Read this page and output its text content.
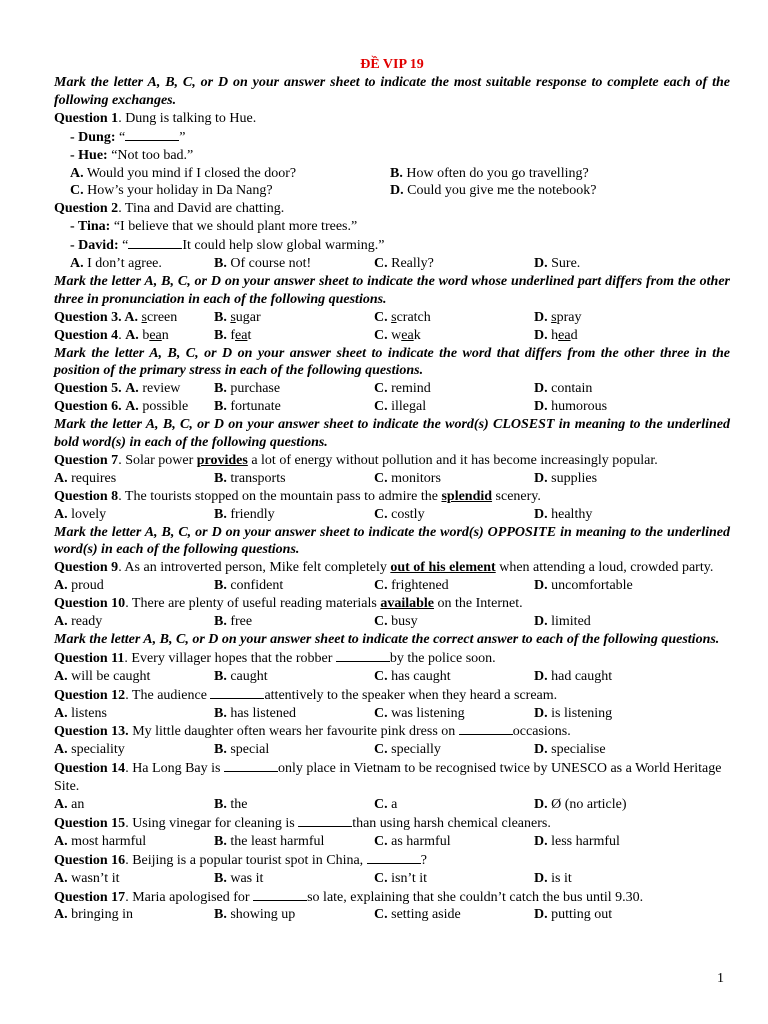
ĐỀ VIP 19

Mark the letter A, B, C, or D on your answer sheet to indicate the most suitable response to complete each of the following exchanges.

Question 1. Dung is talking to Hue.

- Dung: “	”

- Hue: “Not too bad.”

A. Would you mind if I closed the door?	B. How often do you go travelling?
C. How’s your holiday in Da Nang?	D. Could you give me the notebook?

Question 2. Tina and David are chatting.

- Tina: “I believe that we should plant more trees.”

- David: “	It could help slow global warming.”

A. I don’t agree.	B. Of course not!	C. Really?	D. Sure.

Mark the letter A, B, C, or D on your answer sheet to indicate the word whose underlined part differs from the other three in pronunciation in each of the following questions.

Question 3. A. screen	B. sugar	C. scratch	D. spray
Question 4. A. bean	B. feat	C. weak	D. head

Mark the letter A, B, C, or D on your answer sheet to indicate the word that differs from the other three in the position of the primary stress in each of the following questions.

Question 5. A. review	B. purchase	C. remind	D. contain
Question 6. A. possible	B. fortunate	C. illegal	D. humorous

Mark the letter A, B, C, or D on your answer sheet to indicate the word(s) CLOSEST in meaning to the underlined bold word(s) in each of the following questions.

Question 7. Solar power provides a lot of energy without pollution and it has become increasingly popular.

A. requires	B. transports	C. monitors	D. supplies

Question 8. The tourists stopped on the mountain pass to admire the splendid scenery.

A. lovely	B. friendly	C. costly	D. healthy

Mark the letter A, B, C, or D on your answer sheet to indicate the word(s) OPPOSITE in meaning to the underlined word(s) in each of the following questions.

Question 9. As an introverted person, Mike felt completely out of his element when attending a loud, crowded party.

A. proud	B. confident	C. frightened	D. uncomfortable

Question 10. There are plenty of useful reading materials available on the Internet.

A. ready	B. free	C. busy	D. limited

Mark the letter A, B, C, or D on your answer sheet to indicate the correct answer to each of the following questions.

Question 11. Every villager hopes that the robber	by the police soon.

A. will be caught	B. caught	C. has caught	D. had caught

Question 12. The audience	attentively to the speaker when they heard a scream.

A. listens	B. has listened	C. was listening	D. is listening

Question 13. My little daughter often wears her favourite pink dress on	occasions.

A. speciality	B. special	C. specially	D. specialise

Question 14. Ha Long Bay is	only place in Vietnam to be recognised twice by UNESCO as a World Heritage Site.

A. an	B. the	C. a	D. Ø (no article)

Question 15. Using vinegar for cleaning is	than using harsh chemical cleaners.

A. most harmful	B. the least harmful	C. as harmful	D. less harmful

Question 16. Beijing is a popular tourist spot in China,	?

A. wasn’t it	B. was it	C. isn’t it	D. is it

Question 17. Maria apologised for	so late, explaining that she couldn’t catch the bus until 9.30.

A. bringing in	B. showing up	C. setting aside	D. putting out
1
